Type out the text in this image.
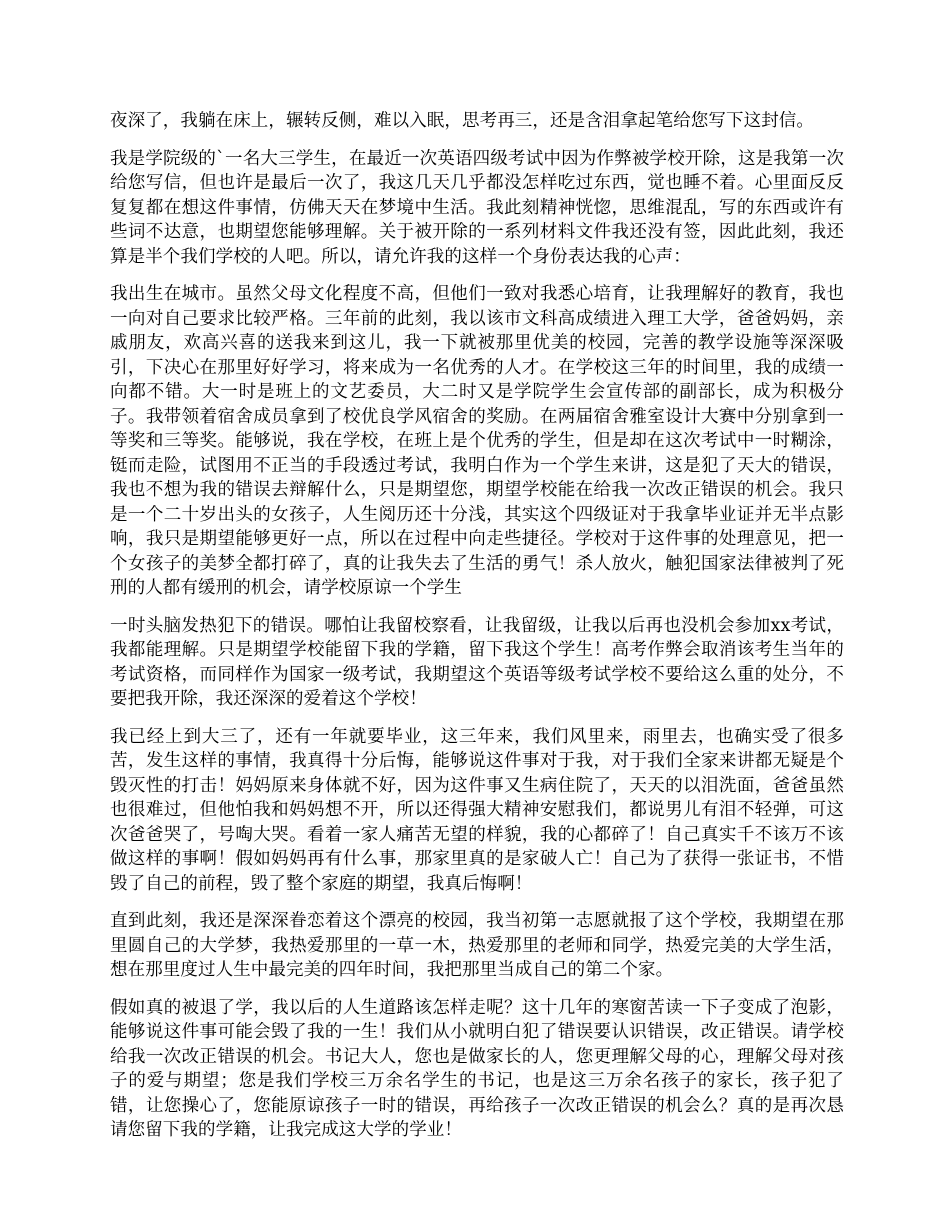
夜深了，我躺在床上，辗转反侧，难以入眠，思考再三，还是含泪拿起笔给您写下这封信。

我是学院级的`一名大三学生，在最近一次英语四级考试中因为作弊被学校开除，这是我第一次给您写信，但也许是最后一次了，我这几天几乎都没怎样吃过东西，觉也睡不着。心里面反反复复都在想这件事情，仿佛天天在梦境中生活。我此刻精神恍惚，思维混乱，写的东西或许有些词不达意，也期望您能够理解。关于被开除的一系列材料文件我还没有签，因此此刻，我还算是半个我们学校的人吧。所以，请允许我的这样一个身份表达我的心声：

我出生在城市。虽然父母文化程度不高，但他们一致对我悉心培育，让我理解好的教育，我也一向对自己要求比较严格。三年前的此刻，我以该市文科高成绩进入理工大学，爸爸妈妈，亲戚朋友，欢高兴喜的送我来到这儿，我一下就被那里优美的校园，完善的教学设施等深深吸引，下决心在那里好好学习，将来成为一名优秀的人才。在学校这三年的时间里，我的成绩一向都不错。大一时是班上的文艺委员，大二时又是学院学生会宣传部的副部长，成为积极分子。我带领着宿舍成员拿到了校优良学风宿舍的奖励。在两届宿舍雅室设计大赛中分别拿到一等奖和三等奖。能够说，我在学校，在班上是个优秀的学生，但是却在这次考试中一时糊涂，铤而走险，试图用不正当的手段透过考试，我明白作为一个学生来讲，这是犯了天大的错误，我也不想为我的错误去辩解什么，只是期望您，期望学校能在给我一次改正错误的机会。我只是一个二十岁出头的女孩子，人生阅历还十分浅，其实这个四级证对于我拿毕业证并无半点影响，我只是期望能够更好一点，所以在过程中向走些捷径。学校对于这件事的处理意见，把一个女孩子的美梦全都打碎了，真的让我失去了生活的勇气！杀人放火，触犯国家法律被判了死刑的人都有缓刑的机会，请学校原谅一个学生

一时头脑发热犯下的错误。哪怕让我留校察看，让我留级，让我以后再也没机会参加xx考试，我都能理解。只是期望学校能留下我的学籍，留下我这个学生！高考作弊会取消该考生当年的考试资格，而同样作为国家一级考试，我期望这个英语等级考试学校不要给这么重的处分，不要把我开除，我还深深的爱着这个学校！

我已经上到大三了，还有一年就要毕业，这三年来，我们风里来，雨里去，也确实受了很多苦，发生这样的事情，我真得十分后悔，能够说这件事对于我，对于我们全家来讲都无疑是个毁灭性的打击！妈妈原来身体就不好，因为这件事又生病住院了，天天的以泪洗面，爸爸虽然也很难过，但他怕我和妈妈想不开，所以还得强大精神安慰我们，都说男儿有泪不轻弹，可这次爸爸哭了，号啕大哭。看着一家人痛苦无望的样貌，我的心都碎了！自己真实千不该万不该做这样的事啊！假如妈妈再有什么事，那家里真的是家破人亡！自己为了获得一张证书，不惜毁了自己的前程，毁了整个家庭的期望，我真后悔啊！

直到此刻，我还是深深眷恋着这个漂亮的校园，我当初第一志愿就报了这个学校，我期望在那里圆自己的大学梦，我热爱那里的一草一木，热爱那里的老师和同学，热爱完美的大学生活，想在那里度过人生中最完美的四年时间，我把那里当成自己的第二个家。

假如真的被退了学，我以后的人生道路该怎样走呢？这十几年的寒窗苦读一下子变成了泡影，能够说这件事可能会毁了我的一生！我们从小就明白犯了错误要认识错误，改正错误。请学校给我一次改正错误的机会。书记大人，您也是做家长的人，您更理解父母的心，理解父母对孩子的爱与期望；您是我们学校三万余名学生的书记，也是这三万余名孩子的家长，孩子犯了错，让您操心了，您能原谅孩子一时的错误，再给孩子一次改正错误的机会么？真的是再次恳请您留下我的学籍，让我完成这大学的学业！
